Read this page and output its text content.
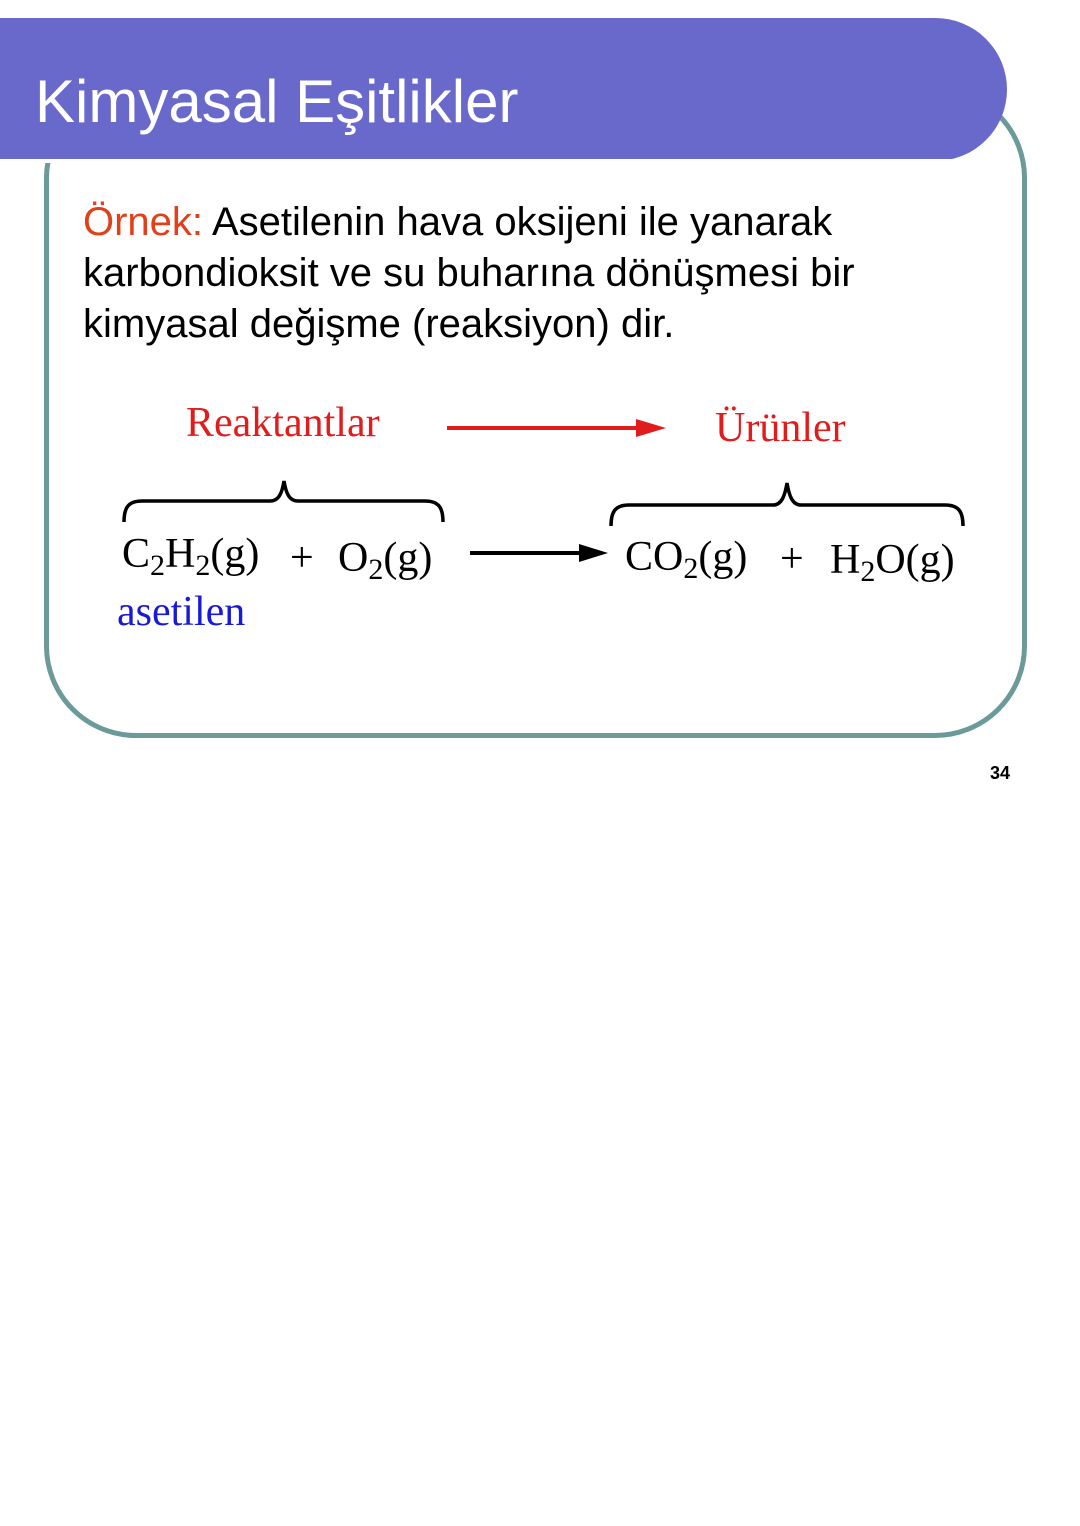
Kimyasal Eşitlikler
Örnek: Asetilenin hava oksijeni ile yanarak
karbondioksit ve su buharına dönüşmesi bir
kimyasal değişme (reaksiyon) dir.
Reaktantlar	Ürünler
$C_2H_2(g) + O_2(g)$	$CO_2(g) + H_2O(g)$
asetilen
34
